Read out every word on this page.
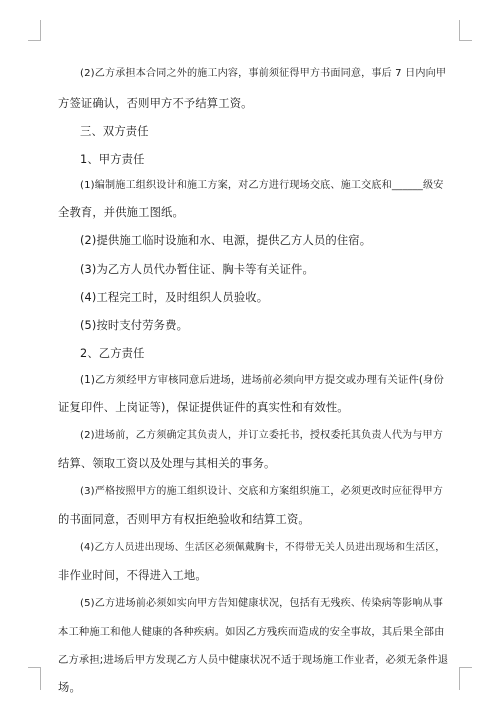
(2)乙方承担本合同之外的施工内容，事前须征得甲方书面同意，事后 7 日内向甲
方签证确认，否则甲方不予结算工资。
三、双方责任
1、甲方责任
(1)编制施工组织设计和施工方案，对乙方进行现场交底、施工交底和______级安
全教育，并供施工图纸。
(2)提供施工临时设施和水、电源，提供乙方人员的住宿。
(3)为乙方人员代办暂住证、胸卡等有关证件。
(4)工程完工时，及时组织人员验收。
(5)按时支付劳务费。
2、乙方责任
(1)乙方须经甲方审核同意后进场，进场前必须向甲方提交或办理有关证件(身份
证复印件、上岗证等)，保证提供证件的真实性和有效性。
(2)进场前，乙方须确定其负责人，并订立委托书，授权委托其负责人代为与甲方
结算、领取工资以及处理与其相关的事务。
(3)严格按照甲方的施工组织设计、交底和方案组织施工，必须更改时应征得甲方
的书面同意，否则甲方有权拒绝验收和结算工资。
(4)乙方人员进出现场、生活区必须佩戴胸卡，不得带无关人员进出现场和生活区，
非作业时间，不得进入工地。
(5)乙方进场前必须如实向甲方告知健康状况，包括有无残疾、传染病等影响从事
本工种施工和他人健康的各种疾病。如因乙方残疾而造成的安全事故，其后果全部由
乙方承担;进场后甲方发现乙方人员中健康状况不适于现场施工作业者，必须无条件退
场。
